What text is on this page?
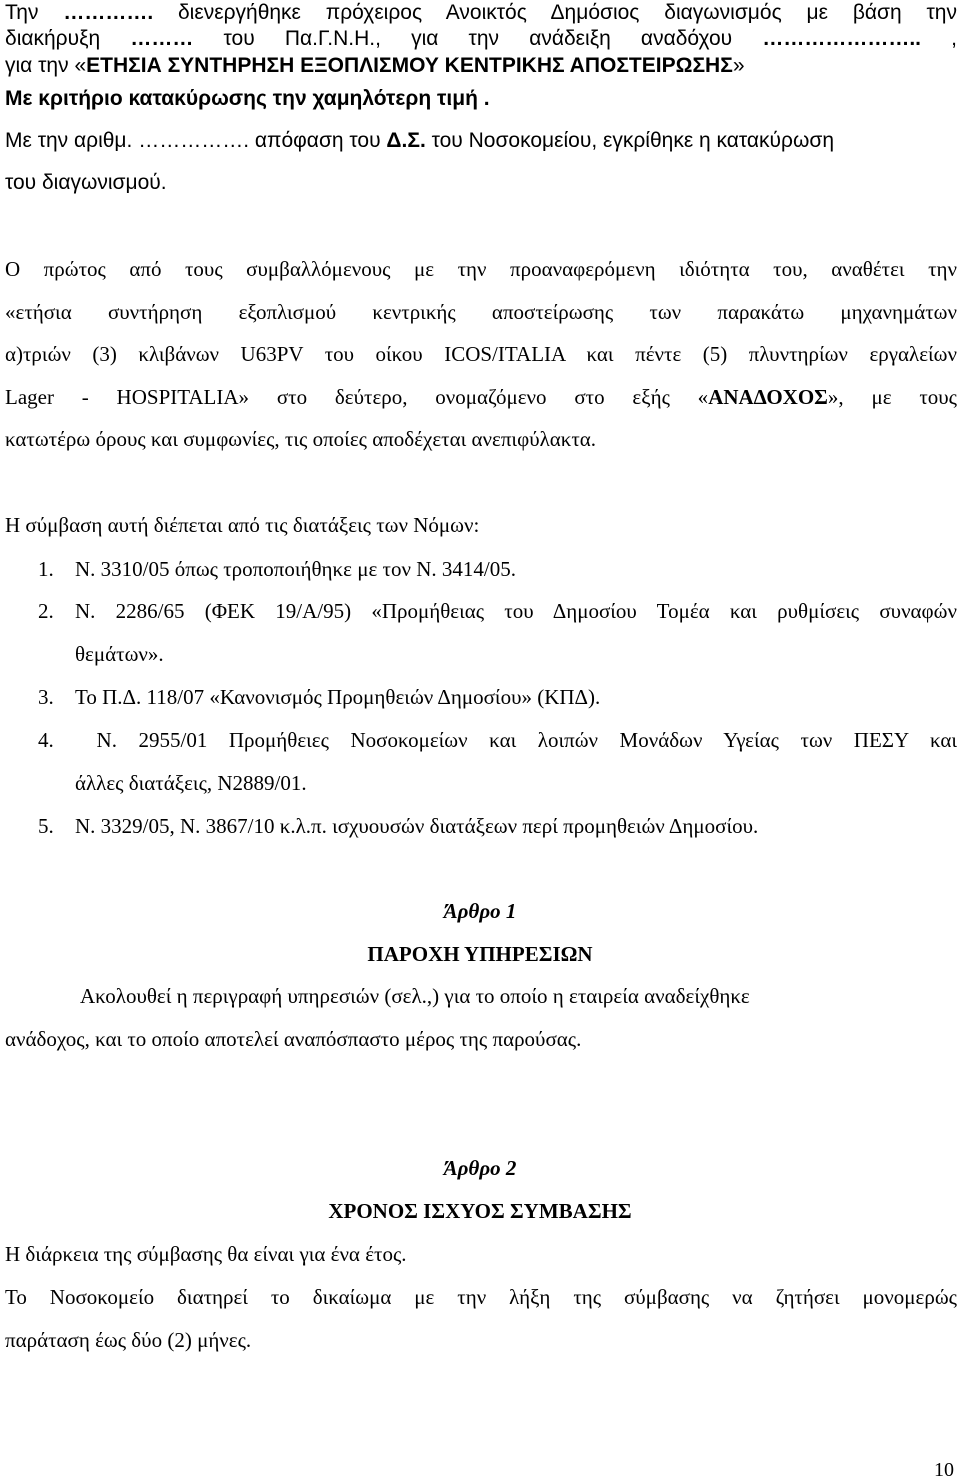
Την …………. διενεργήθηκε πρόχειρος Ανοικτός Δημόσιος διαγωνισμός με βάση την
διακήρυξη ……… του Πα.Γ.Ν.Η., για την ανάδειξη αναδόχου ………………….. ,
για την «ΕΤΗΣΙΑ ΣΥΝΤΗΡΗΣΗ ΕΞΟΠΛΙΣΜΟΥ ΚΕΝΤΡΙΚΗΣ ΑΠΟΣΤΕΙΡΩΣΗΣ»
Με κριτήριο κατακύρωσης την χαμηλότερη τιμή .
Με την αριθμ. ……………. απόφαση του Δ.Σ. του Νοσοκομείου, εγκρίθηκε η κατακύρωση
του διαγωνισμού.
Ο πρώτος από τους συμβαλλόμενους με την προαναφερόμενη ιδιότητα του, αναθέτει την
«ετήσια συντήρηση εξοπλισμού κεντρικής αποστείρωσης των παρακάτω μηχανημάτων
α)τριών (3) κλιβάνων U63PV του οίκου ICOS/ITALIA και πέντε (5) πλυντηρίων εργαλείων
Lager - HOSPITALIA» στο δεύτερο, ονομαζόμενο στο εξής «ΑΝΑΔΟΧΟΣ», με τους
κατωτέρω όρους και συμφωνίες, τις οποίες αποδέχεται ανεπιφύλακτα.
Η σύμβαση αυτή διέπεται από τις διατάξεις των Νόμων:
1. Ν. 3310/05 όπως τροποποιήθηκε με τον Ν. 3414/05.
2. Ν. 2286/65 (ΦΕΚ 19/Α/95) «Προμήθειας του Δημοσίου Τομέα και ρυθμίσεις συναφών
θεμάτων».
3. Το Π.Δ. 118/07 «Κανονισμός Προμηθειών Δημοσίου» (ΚΠΔ).
4. Ν. 2955/01 Προμήθειες Νοσοκομείων και λοιπών Μονάδων Υγείας των ΠΕΣΥ και
άλλες διατάξεις, Ν2889/01.
5. Ν. 3329/05, Ν. 3867/10 κ.λ.π. ισχυουσών διατάξεων περί προμηθειών Δημοσίου.
Άρθρο 1
ΠΑΡΟΧΗ ΥΠΗΡΕΣΙΩΝ
Ακολουθεί η περιγραφή υπηρεσιών (σελ.,) για το οποίο η εταιρεία αναδείχθηκε
ανάδοχος, και το οποίο αποτελεί αναπόσπαστο μέρος της παρούσας.
Άρθρο 2
ΧΡΟΝΟΣ ΙΣΧΥΟΣ ΣΥΜΒΑΣΗΣ
Η διάρκεια της σύμβασης θα είναι για ένα έτος.
Το Νοσοκομείο διατηρεί το δικαίωμα με την λήξη της σύμβασης να ζητήσει μονομερώς
παράταση έως δύο (2) μήνες.
10
